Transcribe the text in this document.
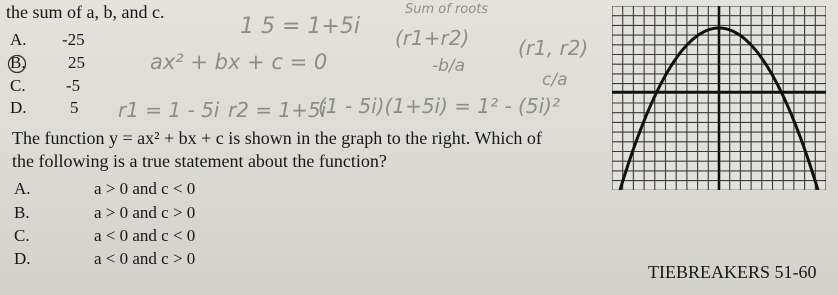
the sum of a, b, and c.
A. -25
B. 25
C. -5
D.	5
1 5 = 1+5i
Sum of roots
(r1+r2) (r1, r2)
ax² + bx + c = 0	-b/a
c/a
r1 = 1 - 5i r2 = 1+5i
(1 - 5i)(1+5i) = 1² - (5i)²
The function y = ax² + bx + c is shown in the graph to the right. Which of
the following is a true statement about the function?
A.	a > 0 and c < 0
B.	a > 0 and c > 0
C.	a < 0 and c < 0
D.	a < 0 and c > 0
TIEBREAKERS 51-60
